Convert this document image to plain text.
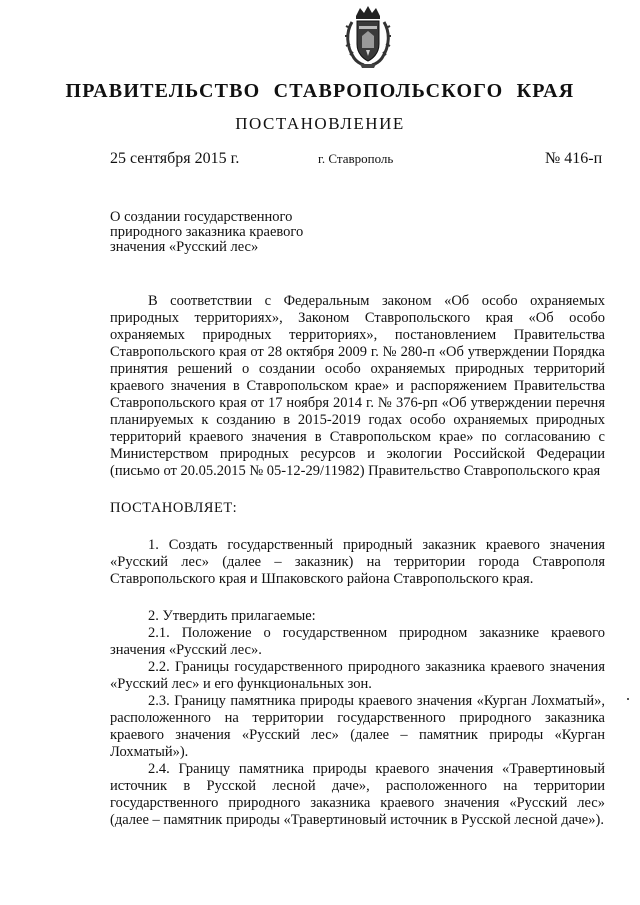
ПРАВИТЕЛЬСТВО СТАВРОПОЛЬСКОГО КРАЯ
ПОСТАНОВЛЕНИЕ
25 сентября 2015 г.	г. Ставрополь	№ 416-п
О создании государственного
природного заказника краевого
значения «Русский лес»

В соответствии с Федеральным законом «Об особо охраняемых природных территориях», Законом Ставропольского края «Об особо охраняемых природных территориях», постановлением Правительства Ставропольского края от 28 октября 2009 г. № 280-п «Об утверждении Порядка принятия решений о создании особо охраняемых природных территорий краевого значения в Ставропольском крае» и распоряжением Правительства Ставропольского края от 17 ноября 2014 г. № 376-рп «Об утверждении перечня планируемых к созданию в 2015-2019 годах особо охраняемых природных территорий краевого значения в Ставропольском крае» по согласованию с Министерством природных ресурсов и экологии Российской Федерации (письмо от 20.05.2015 № 05-12-29/11982) Правительство Ставропольского края

ПОСТАНОВЛЯЕТ:

1. Создать государственный природный заказник краевого значения «Русский лес» (далее – заказник) на территории города Ставрополя Ставропольского края и Шпаковского района Ставропольского края.

2. Утвердить прилагаемые:

2.1. Положение о государственном природном заказнике краевого значения «Русский лес».

2.2. Границы государственного природного заказника краевого значения «Русский лес» и его функциональных зон.

2.3. Границу памятника природы краевого значения «Курган Лохматый», расположенного на территории государственного природного заказника краевого значения «Русский лес» (далее – памятник природы «Курган Лохматый»).

2.4. Границу памятника природы краевого значения «Травертиновый источник в Русской лесной даче», расположенного на территории государственного природного заказника краевого значения «Русский лес» (далее – памятник природы «Травертиновый источник в Русской лесной даче»).
